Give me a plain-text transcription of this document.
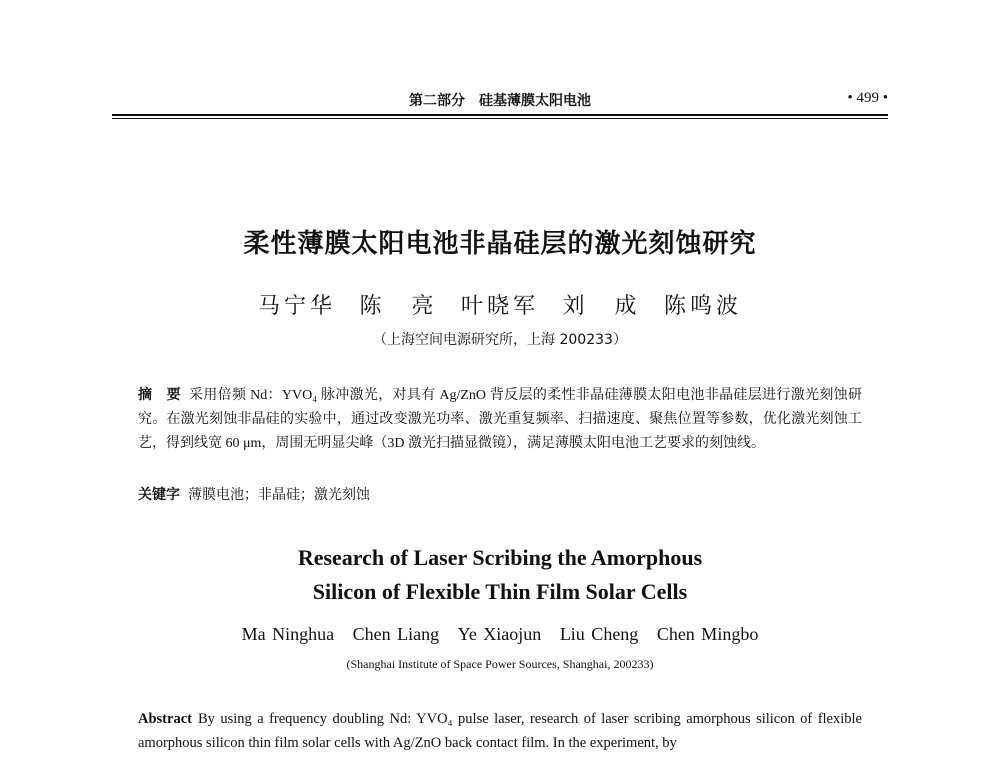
第二部分　硅基薄膜太阳电池	• 499 •
柔性薄膜太阳电池非晶硅层的激光刻蚀研究
马宁华 陈　亮 叶晓军 刘　成 陈鸣波
（上海空间电源研究所，上海 200233）
摘　要 采用倍频 Nd：YVO₄ 脉冲激光，对具有 Ag/ZnO 背反层的柔性非晶硅薄膜太阳电池非晶硅层进行激光刻蚀研究。在激光刻蚀非晶硅的实验中，通过改变激光功率、激光重复频率、扫描速度、聚焦位置等参数，优化激光刻蚀工艺，得到线宽 60 μm，周围无明显尖峰（3D 激光扫描显微镜），满足薄膜太阳电池工艺要求的刻蚀线。
关键字 薄膜电池；非晶硅；激光刻蚀
Research of Laser Scribing the Amorphous
Silicon of Flexible Thin Film Solar Cells
Ma Ninghua Chen Liang Ye Xiaojun Liu Cheng Chen Mingbo
(Shanghai Institute of Space Power Sources, Shanghai, 200233)
Abstract By using a frequency doubling Nd: YVO₄ pulse laser, research of laser scribing amorphous silicon of flexible amorphous silicon thin film solar cells with Ag/ZnO back contact film. In the experiment, by
